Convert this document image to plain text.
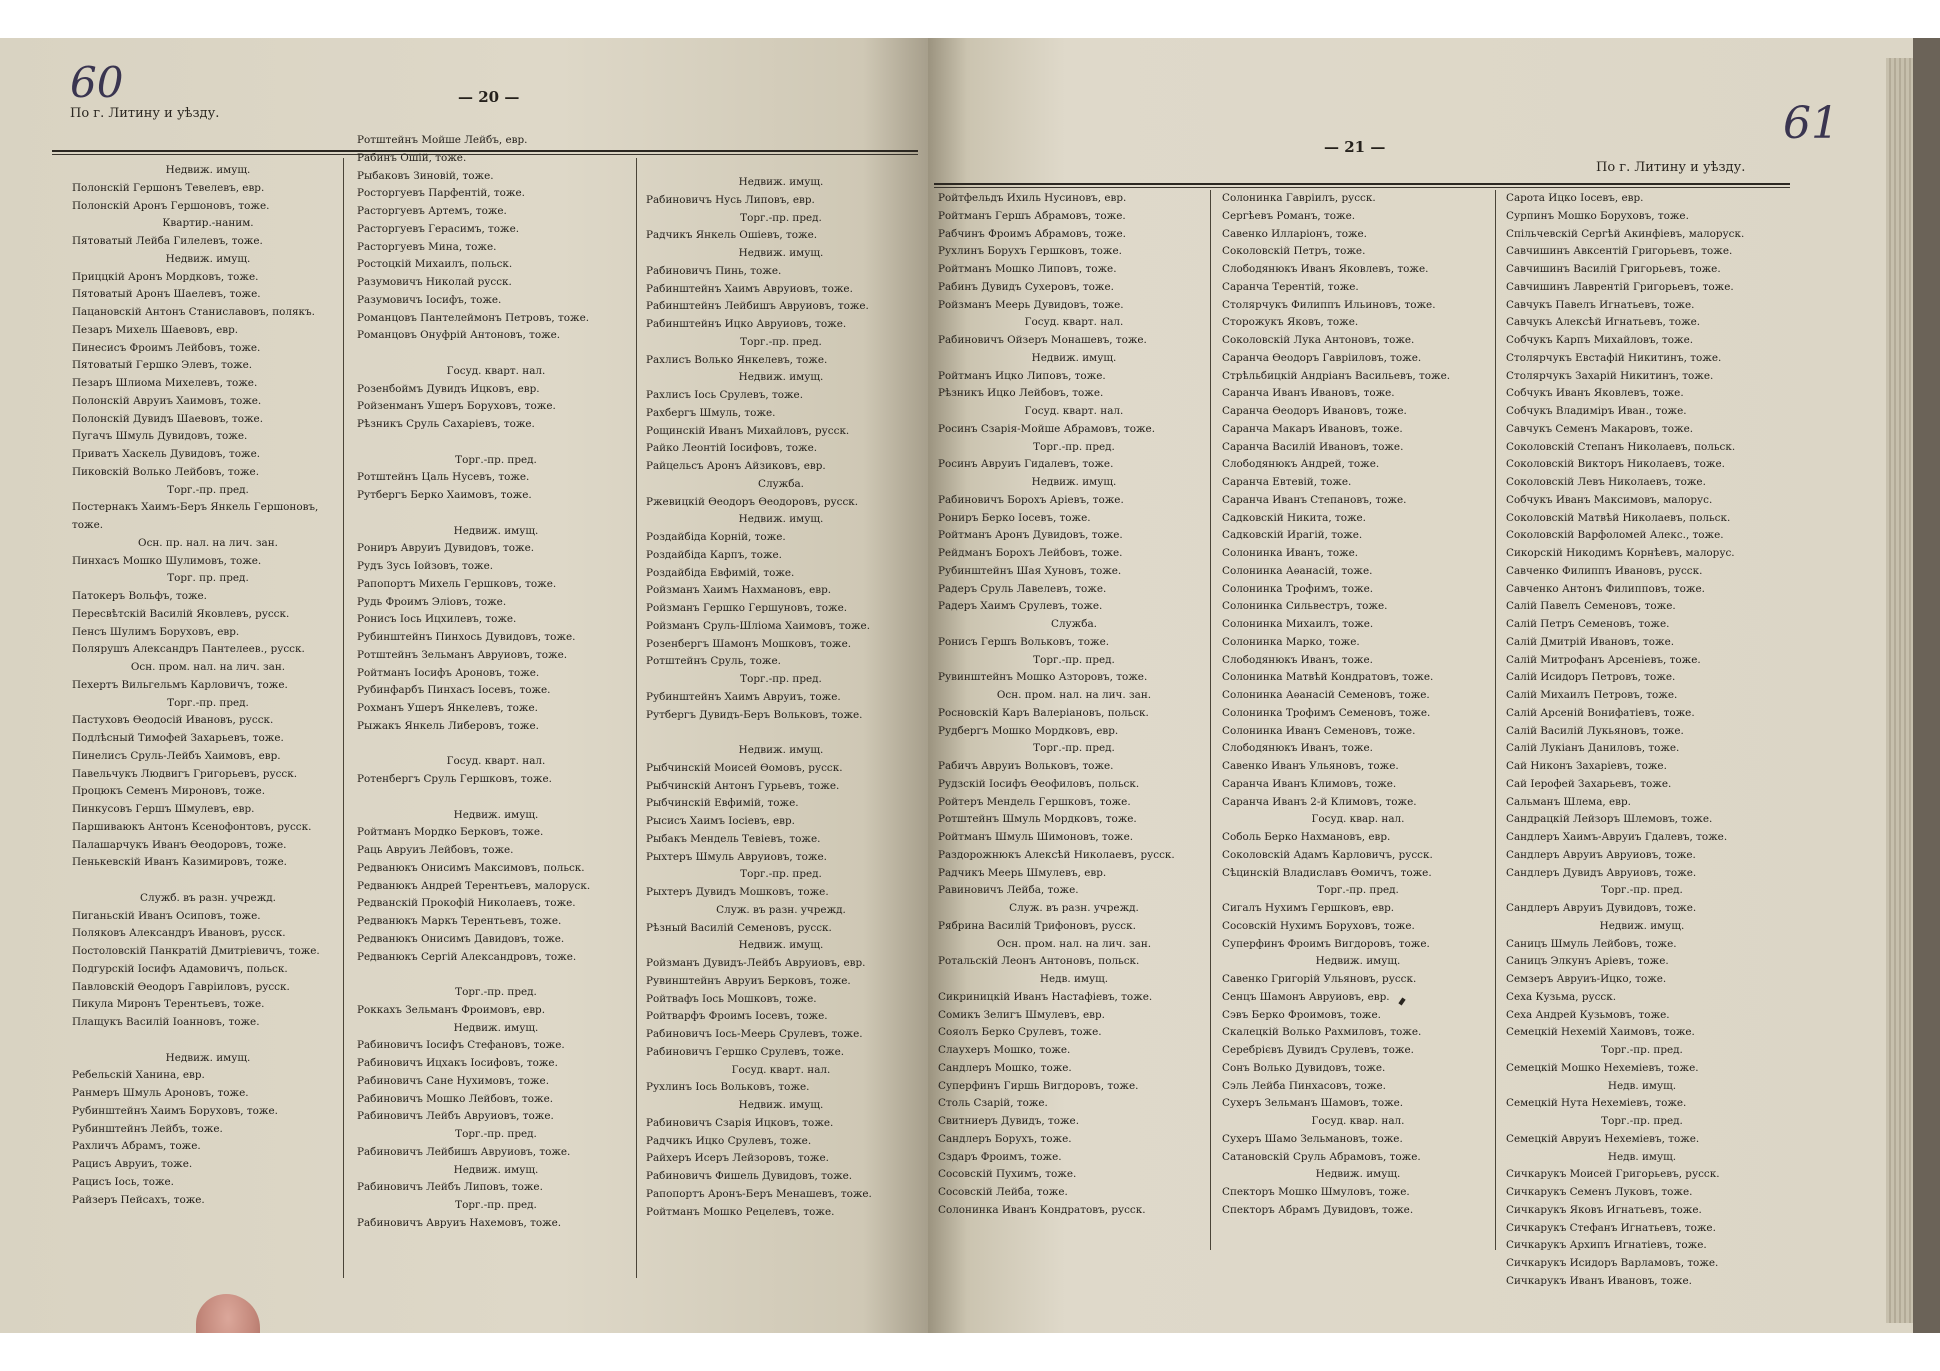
60
По г. Литину и уѣзду.
— 20 —
Недвиж. имущ.
Полонскій Гершонъ Тевелевъ, евр.
Полонскій Аронъ Гершоновъ, тоже.
Квартир.-наним.
Пятоватый Лейба Гилелевъ, тоже.
Недвиж. имущ.
Приццкій Аронъ Мордковъ, тоже.
Пятоватый Аронъ Шаелевъ, тоже.
Пацановскій Антонъ Станиславовъ, полякъ.
Пезаръ Михель Шаевовъ, евр.
Пинесисъ Фроимъ Лейбовъ, тоже.
Пятоватый Гершко Элевъ, тоже.
Пезаръ Шлиома Михелевъ, тоже.
Полонскій Авруиъ Хаимовъ, тоже.
Полонскій Дувидъ Шаевовъ, тоже.
Пугачъ Шмуль Дувидовъ, тоже.
Приватъ Хаскель Дувидовъ, тоже.
Пиковскій Волько Лейбовъ, тоже.
Торг.-пр. пред.
Постернакъ Хаимъ-Беръ Янкель Гершоновъ,
тоже.
Осн. пр. нал. на лич. зан.
Пинхасъ Мошко Шулимовъ, тоже.
Торг. пр. пред.
Патокеръ Вольфъ, тоже.
Пересвѣтскій Василій Яковлевъ, русск.
Пенсъ Шулимъ Боруховъ, евр.
Полярушъ Александръ Пантелеев., русск.
Осн. пром. нал. на лич. зан.
Пехертъ Вильгельмъ Карловичъ, тоже.
Торг.-пр. пред.
Пастуховъ Ѳеодосій Ивановъ, русск.
Подлѣсный Тимофей Захарьевъ, тоже.
Пинелисъ Сруль-Лейбъ Хаимовъ, евр.
Павельчукъ Людвигъ Григорьевъ, русск.
Процюкъ Семенъ Мироновъ, тоже.
Пинкусовъ Гершъ Шмулевъ, евр.
Паршиваюкъ Антонъ Ксенофонтовъ, русск.
Палашарчукъ Иванъ Ѳеодоровъ, тоже.
Пенькевскій Иванъ Казимировъ, тоже.

Служб. въ разн. учрежд.
Пиганьскій Иванъ Осиповъ, тоже.
Поляковъ Александръ Ивановъ, русск.
Постоловскій Панкратій Дмитріевичъ, тоже.
Подгурскій Іосифъ Адамовичъ, польск.
Павловскій Ѳеодоръ Гавріиловъ, русск.
Пикула Миронъ Терентьевъ, тоже.
Плащукъ Василій Іоанновъ, тоже.

Недвиж. имущ.
Ребельскій Ханина, евр.
Ранмеръ Шмуль Ароновъ, тоже.
Рубинштейнъ Хаимъ Боруховъ, тоже.
Рубинштейнъ Лейбъ, тоже.
Рахличъ Абрамъ, тоже.
Рацисъ Авруиъ, тоже.
Рацисъ Іось, тоже.
Райзеръ Пейсахъ, тоже.
Ротштейнъ Мойше Лейбъ, евр.
Рабинъ Ошій, тоже.
Рыбаковъ Зиновій, тоже.
Росторгуевъ Парфентій, тоже.
Расторгуевъ Артемъ, тоже.
Расторгуевъ Герасимъ, тоже.
Расторгуевъ Мина, тоже.
Ростоцкій Михаилъ, польск.
Разумовичъ Николай русск.
Разумовичъ Іосифъ, тоже.
Романцовъ Пантелеймонъ Петровъ, тоже.
Романцовъ Онуфрій Антоновъ, тоже.

Госуд. кварт. нал.
Розенбоймъ Дувидъ Ицковъ, евр.
Ройзенманъ Ушеръ Боруховъ, тоже.
Рѣзникъ Сруль Сахаріевъ, тоже.

Торг.-пр. пред.
Ротштейнъ Цаль Нусевъ, тоже.
Рутбергъ Берко Хаимовъ, тоже.

Недвиж. имущ.
Рониръ Авруиъ Дувидовъ, тоже.
Рудъ Зусь Іойзовъ, тоже.
Рапопортъ Михель Гершковъ, тоже.
Рудь Фроимъ Эліовъ, тоже.
Ронисъ Іось Ицхилевъ, тоже.
Рубинштейнъ Пинхось Дувидовъ, тоже.
Ротштейнъ Зельманъ Авруиовъ, тоже.
Ройтманъ Іосифъ Ароновъ, тоже.
Рубинфарбъ Пинхасъ Іосевъ, тоже.
Рохманъ Ушеръ Янкелевъ, тоже.
Рыжакъ Янкель Либеровъ, тоже.

Госуд. кварт. нал.
Ротенбергъ Сруль Гершковъ, тоже.

Недвиж. имущ.
Ройтманъ Мордко Берковъ, тоже.
Раць Авруиъ Лейбовъ, тоже.
Редванюкъ Онисимъ Максимовъ, польск.
Редванюкъ Андрей Терентьевъ, малоруск.
Редванскій Прокофій Николаевъ, тоже.
Редванюкъ Маркъ Терентьевъ, тоже.
Редванюкъ Онисимъ Давидовъ, тоже.
Редванюкъ Сергій Александровъ, тоже.

Торг.-пр. пред.
Роккахъ Зельманъ Фроимовъ, евр.
Недвиж. имущ.
Рабиновичъ Іосифъ Стефановъ, тоже.
Рабиновичъ Ицхакъ Іосифовъ, тоже.
Рабиновичъ Сане Нухимовъ, тоже.
Рабиновичъ Мошко Лейбовъ, тоже.
Рабиновичъ Лейбъ Авруиовъ, тоже.
Торг.-пр. пред.
Рабиновичъ Лейбишъ Авруиовъ, тоже.
Недвиж. имущ.
Рабиновичъ Лейбъ Липовъ, тоже.
Торг.-пр. пред.
Рабиновичъ Авруиъ Нахемовъ, тоже.
Недвиж. имущ.
Рабиновичъ Нусь Липовъ, евр.
Торг.-пр. пред.
Радчикъ Янкель Ошіевъ, тоже.
Недвиж. имущ.
Рабиновичъ Пинь, тоже.
Рабинштейнъ Хаимъ Авруиовъ, тоже.
Рабинштейнъ Лейбишъ Авруиовъ, тоже.
Рабинштейнъ Ицко Авруиовъ, тоже.
Торг.-пр. пред.
Рахлисъ Волько Янкелевъ, тоже.
Недвиж. имущ.
Рахлисъ Іось Срулевъ, тоже.
Рахбергъ Шмуль, тоже.
Рощинскій Иванъ Михайловъ, русск.
Райко Леонтій Іосифовъ, тоже.
Райцельсъ Аронъ Айзиковъ, евр.
Служба.
Ржевицкій Ѳеодоръ Ѳеодоровъ, русск.
Недвиж. имущ.
Роздайбіда Корній, тоже.
Роздайбіда Карпъ, тоже.
Роздайбіда Евфимій, тоже.
Ройзманъ Хаимъ Нахмановъ, евр.
Ройзманъ Гершко Гершуновъ, тоже.
Ройзманъ Сруль-Шліома Хаимовъ, тоже.
Розенбергъ Шамонъ Мошковъ, тоже.
Ротштейнъ Сруль, тоже.
Торг.-пр. пред.
Рубинштейнъ Хаимъ Авруиъ, тоже.
Рутбергъ Дувидъ-Беръ Вольковъ, тоже.

Недвиж. имущ.
Рыбчинскій Моисей Ѳомовъ, русск.
Рыбчинскій Антонъ Гурьевъ, тоже.
Рыбчинскій Евфимій, тоже.
Рысисъ Хаимъ Іосіевъ, евр.
Рыбакъ Мендель Тевіевъ, тоже.
Рыхтеръ Шмуль Авруиовъ, тоже.
Торг.-пр. пред.
Рыхтеръ Дувидъ Мошковъ, тоже.
Служ. въ разн. учрежд.
Рѣзный Василій Семеновъ, русск.
Недвиж. имущ.
Ройзманъ Дувидъ-Лейбъ Авруиовъ, евр.
Рувинштейнъ Авруиъ Берковъ, тоже.
Ройтвафъ Іось Мошковъ, тоже.
Ройтварфъ Фроимъ Іосевъ, тоже.
Рабиновичъ Іось-Меерь Срулевъ, тоже.
Рабиновичъ Гершко Срулевъ, тоже.
Госуд. кварт. нал.
Рухлинъ Іось Вольковъ, тоже.
Недвиж. имущ.
Рабиновичъ Сзарія Ицковъ, тоже.
Радчикъ Ицко Срулевъ, тоже.
Райхеръ Исеръ Лейзоровъ, тоже.
Рабиновичъ Фишель Дувидовъ, тоже.
Рапопортъ Аронъ-Беръ Менашевъ, тоже.
Ройтманъ Мошко Рецелевъ, тоже.
61
По г. Литину и уѣзду.
— 21 —
Ройтфельдъ Ихиль Нусиновъ, евр.
Ройтманъ Гершъ Абрамовъ, тоже.
Рабчинъ Фроимъ Абрамовъ, тоже.
Рухлинъ Борухъ Гершковъ, тоже.
Ройтманъ Мошко Липовъ, тоже.
Рабинъ Дувидъ Сухеровъ, тоже.
Ройзманъ Меерь Дувидовъ, тоже.
Госуд. кварт. нал.
Рабиновичъ Ойзеръ Монашевъ, тоже.
Недвиж. имущ.
Ройтманъ Ицко Липовъ, тоже.
Рѣзникъ Ицко Лейбовъ, тоже.
Госуд. кварт. нал.
Росинъ Сзарія-Мойше Абрамовъ, тоже.
Торг.-пр. пред.
Росинъ Авруиъ Гидалевъ, тоже.
Недвиж. имущ.
Рабиновичъ Борохъ Аріевъ, тоже.
Рониръ Берко Іосевъ, тоже.
Ройтманъ Аронъ Дувидовъ, тоже.
Рейдманъ Борохъ Лейбовъ, тоже.
Рубинштейнъ Шая Хуновъ, тоже.
Радеръ Сруль Лавелевъ, тоже.
Радеръ Хаимъ Срулевъ, тоже.
Служба.
Ронисъ Гершъ Вольковъ, тоже.
Торг.-пр. пред.
Рувинштейнъ Мошко Азторовъ, тоже.
Осн. пром. нал. на лич. зан.
Росновскій Каръ Валеріановъ, польск.
Рудбергъ Мошко Мордковъ, евр.
Торг.-пр. пред.
Рабичъ Авруиъ Вольковъ, тоже.
Рудзскій Іосифъ Ѳеофиловъ, польск.
Ройтеръ Мендель Гершковъ, тоже.
Ротштейнъ Шмуль Мордковъ, тоже.
Ройтманъ Шмуль Шимоновъ, тоже.
Раздорожнюкъ Алексѣй Николаевъ, русск.
Радчикъ Меерь Шмулевъ, евр.
Равиновичъ Лейба, тоже.
Служ. въ разн. учрежд.
Рябрина Василій Трифоновъ, русск.
Осн. пром. нал. на лич. зан.
Ротальскій Леонъ Антоновъ, польск.
Недв. имущ.
Сикриницкій Иванъ Настафіевъ, тоже.
Сомикъ Зелигъ Шмулевъ, евр.
Сояолъ Берко Срулевъ, тоже.
Слаухеръ Мошко, тоже.
Сандлеръ Мошко, тоже.
Суперфинъ Гиршь Вигдоровъ, тоже.
Столь Сзарій, тоже.
Свитниеръ Дувидъ, тоже.
Сандлеръ Борухъ, тоже.
Сздаръ Фроимъ, тоже.
Сосовскій Пухимъ, тоже.
Сосовскій Лейба, тоже.
Солонинка Иванъ Кондратовъ, русск.
Солонинка Гавріилъ, русск.
Сергѣевъ Романъ, тоже.
Савенко Илларіонъ, тоже.
Соколовскій Петръ, тоже.
Слободянюкъ Иванъ Яковлевъ, тоже.
Саранча Терентій, тоже.
Столярчукъ Филиппъ Ильиновъ, тоже.
Сторожукъ Яковъ, тоже.
Соколовскій Лука Антоновъ, тоже.
Саранча Ѳеодоръ Гавріиловъ, тоже.
Стрѣльбицкій Андріанъ Васильевъ, тоже.
Саранча Иванъ Ивановъ, тоже.
Саранча Ѳеодоръ Ивановъ, тоже.
Саранча Макаръ Ивановъ, тоже.
Саранча Василій Ивановъ, тоже.
Слободянюкъ Андрей, тоже.
Саранча Евтевій, тоже.
Саранча Иванъ Степановъ, тоже.
Садковскій Никита, тоже.
Садковскій Ирагій, тоже.
Солонинка Иванъ, тоже.
Солонинка Аѳанасій, тоже.
Солонинка Трофимъ, тоже.
Солонинка Сильвестръ, тоже.
Солонинка Михаилъ, тоже.
Солонинка Марко, тоже.
Слободянюкъ Иванъ, тоже.
Солонинка Матвѣй Кондратовъ, тоже.
Солонинка Аѳанасій Семеновъ, тоже.
Солонинка Трофимъ Семеновъ, тоже.
Солонинка Иванъ Семеновъ, тоже.
Слободянюкъ Иванъ, тоже.
Савенко Иванъ Ульяновъ, тоже.
Саранча Иванъ Климовъ, тоже.
Саранча Иванъ 2-й Климовъ, тоже.
Госуд. квар. нал.
Соболь Берко Нахмановъ, евр.
Соколовскій Адамъ Карловичъ, русск.
Сѣцинскій Владиславъ Ѳомичъ, тоже.
Торг.-пр. пред.
Сигалъ Нухимъ Гершковъ, евр.
Сосовскій Нухимъ Боруховъ, тоже.
Суперфинъ Фроимъ Вигдоровъ, тоже.
Недвиж. имущ.
Савенко Григорій Ульяновъ, русск.
Сенцъ Шамонъ Авруиовъ, евр.
Сэвъ Берко Фроимовъ, тоже.
Скалецкій Волько Рахмиловъ, тоже.
Серебрієвъ Дувидъ Срулевъ, тоже.
Сонъ Волько Дувидовъ, тоже.
Сэль Лейба Пинхасовъ, тоже.
Сухеръ Зельманъ Шамовъ, тоже.
Госуд. квар. нал.
Сухеръ Шамо Зельмановъ, тоже.
Сатановскій Сруль Абрамовъ, тоже.
Недвиж. имущ.
Спекторъ Мошко Шмуловъ, тоже.
Спекторъ Абрамъ Дувидовъ, тоже.
Сарота Ицко Іосевъ, евр.
Сурпинъ Мошко Боруховъ, тоже.
Спільчевскій Сергѣй Акинфіевъ, малоруск.
Савчишинъ Авксентій Григорьевъ, тоже.
Савчишинъ Василій Григорьевъ, тоже.
Савчишинъ Лаврентій Григорьевъ, тоже.
Савчукъ Павелъ Игнатьевъ, тоже.
Савчукъ Алексѣй Игнатьевъ, тоже.
Собчукъ Карпъ Михайловъ, тоже.
Столярчукъ Евстафій Никитинъ, тоже.
Столярчукъ Захарій Никитинъ, тоже.
Собчукъ Иванъ Яковлевъ, тоже.
Собчукъ Владиміръ Иван., тоже.
Савчукъ Семенъ Макаровъ, тоже.
Соколовскій Степанъ Николаевъ, польск.
Соколовскій Викторъ Николаевъ, тоже.
Соколовскій Левъ Николаевъ, тоже.
Собчукъ Иванъ Максимовъ, малорус.
Соколовскій Матвѣй Николаевъ, польск.
Соколовскій Варфоломей Алекс., тоже.
Сикорскій Никодимъ Корнѣевъ, малорус.
Савченко Филиппъ Ивановъ, русск.
Савченко Антонъ Филипповъ, тоже.
Салій Павелъ Семеновъ, тоже.
Салій Петръ Семеновъ, тоже.
Салій Дмитрій Ивановъ, тоже.
Салій Митрофанъ Арсеніевъ, тоже.
Салій Исидоръ Петровъ, тоже.
Салій Михаилъ Петровъ, тоже.
Салій Арсеній Вонифатіевъ, тоже.
Салій Василій Лукьяновъ, тоже.
Салій Лукіанъ Даниловъ, тоже.
Сай Никонъ Захаріевъ, тоже.
Сай Іерофей Захарьевъ, тоже.
Сальманъ Шлема, евр.
Сандрацкій Лейзоръ Шлемовъ, тоже.
Сандлеръ Хаимъ-Авруиъ Гдалевъ, тоже.
Сандлеръ Авруиъ Авруиовъ, тоже.
Сандлеръ Дувидъ Авруиовъ, тоже.
Торг.-пр. пред.
Сандлеръ Авруиъ Дувидовъ, тоже.
Недвиж. имущ.
Саницъ Шмуль Лейбовъ, тоже.
Саницъ Элкунъ Аріевъ, тоже.
Семзеръ Авруиъ-Ицко, тоже.
Сеха Кузьма, русск.
Сеха Андрей Кузьмовъ, тоже.
Семецкій Нехемій Хаимовъ, тоже.
Торг.-пр. пред.
Семецкій Мошко Нехеміевъ, тоже.
Недв. имущ.
Семецкій Нута Нехеміевъ, тоже.
Торг.-пр. пред.
Семецкій Авруиъ Нехеміевъ, тоже.
Недв. имущ.
Сичкарукъ Моисей Григорьевъ, русск.
Сичкарукъ Семенъ Луковъ, тоже.
Сичкарукъ Яковъ Игнатьевъ, тоже.
Сичкарукъ Стефанъ Игнатьевъ, тоже.
Сичкарукъ Архипъ Игнатіевъ, тоже.
Сичкарукъ Исидоръ Варламовъ, тоже.
Сичкарукъ Иванъ Ивановъ, тоже.
